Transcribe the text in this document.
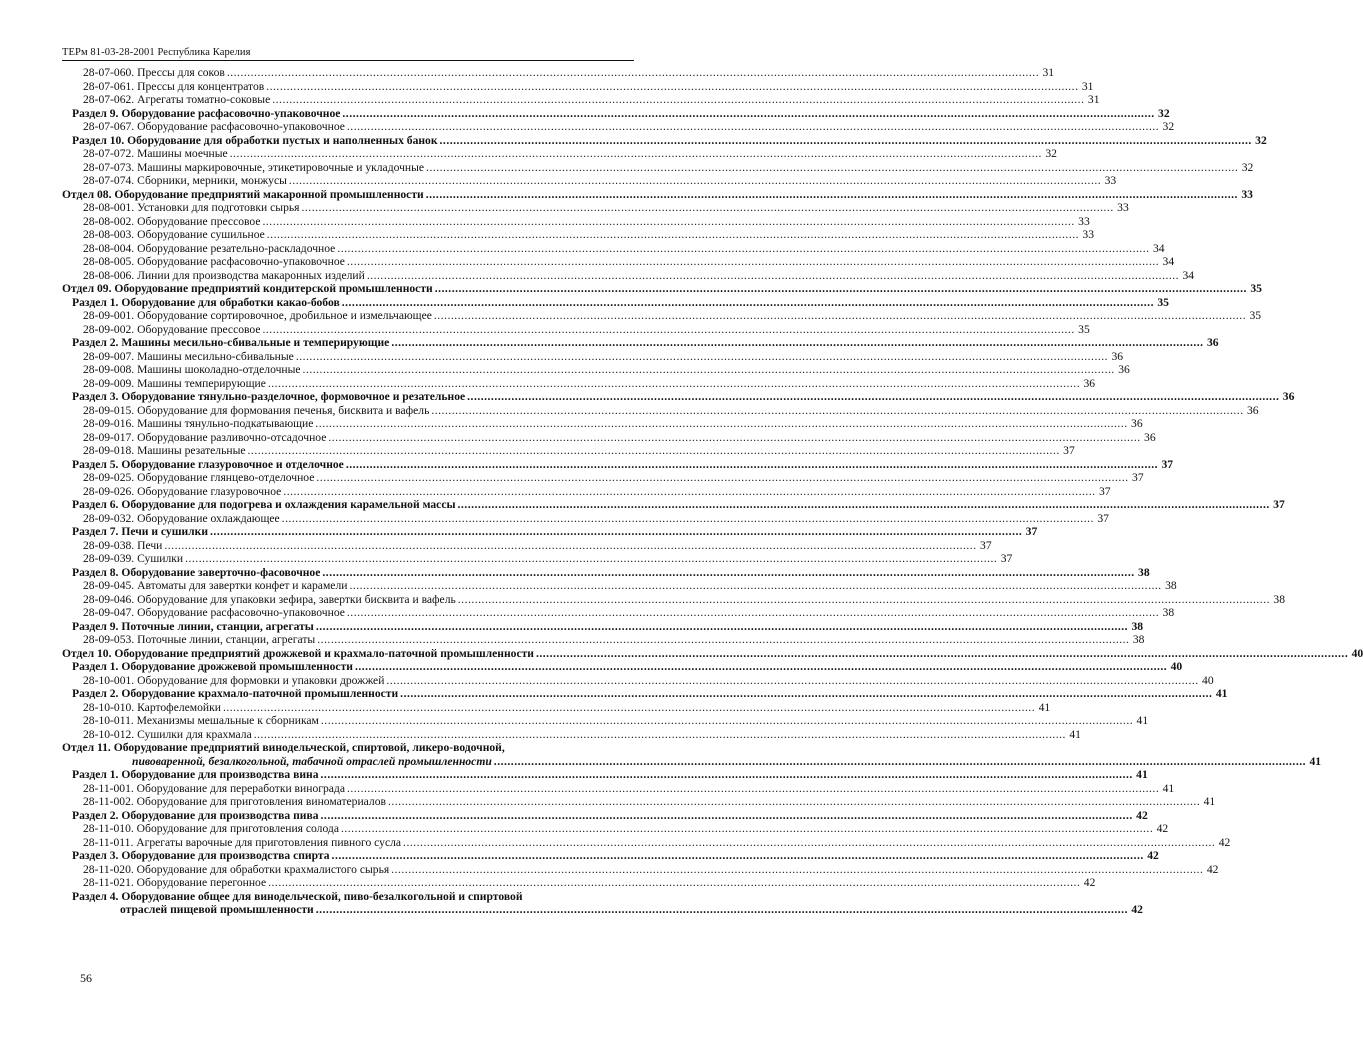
ТЕРм 81-03-28-2001 Республика Карелия
28-07-060. Прессы для соков .....	31
28-07-061. Прессы для концентратов .....	31
28-07-062. Агрегаты томатно-соковые .....	31
Раздел 9. Оборудование расфасовочно-упаковочное .....	32
28-07-067. Оборудование расфасовочно-упаковочное .....	32
Раздел 10. Оборудование для обработки пустых и наполненных банок .....	32
28-07-072. Машины моечные .....	32
28-07-073. Машины маркировочные, этикетировочные и укладочные .....	32
28-07-074. Сборники, мерники, монжусы .....	33
Отдел 08. Оборудование предприятий макаронной промышленности .....	33
28-08-001. Установки для подготовки сырья .....	33
28-08-002. Оборудование прессовое .....	33
28-08-003. Оборудование сушильное .....	33
28-08-004. Оборудование резательно-раскладочное .....	34
28-08-005. Оборудование расфасовочно-упаковочное .....	34
28-08-006. Линии для производства макаронных изделий .....	34
Отдел 09. Оборудование предприятий кондитерской промышленности .....	35
Раздел 1. Оборудование для обработки какао-бобов .....	35
28-09-001. Оборудование сортировочное, дробильное и измельчающее .....	35
28-09-002. Оборудование прессовое .....	35
Раздел 2. Машины месильно-сбивальные и темперирующие .....	36
28-09-007. Машины месильно-сбивальные .....	36
28-09-008. Машины шоколадно-отделочные .....	36
28-09-009. Машины темперирующие .....	36
Раздел 3. Оборудование тянульно-разделочное, формовочное и резательное .....	36
28-09-015. Оборудование для формования печенья, бисквита и вафель .....	36
28-09-016. Машины тянульно-подкатывающие .....	36
28-09-017. Оборудование разливочно-отсадочное .....	36
28-09-018. Машины резательные .....	37
Раздел 5. Оборудование глазуровочное и отделочное .....	37
28-09-025. Оборудование глянцево-отделочное .....	37
28-09-026. Оборудование глазуровочное .....	37
Раздел 6. Оборудование для подогрева и охлаждения карамельной массы .....	37
28-09-032. Оборудование охлаждающее .....	37
Раздел 7. Печи и сушилки .....	37
28-09-038. Печи .....	37
28-09-039. Сушилки .....	37
Раздел 8. Оборудование заверточно-фасовочное .....	38
28-09-045. Автоматы для завертки конфет и карамели .....	38
28-09-046. Оборудование для упаковки зефира, завертки бисквита и вафель .....	38
28-09-047. Оборудование расфасовочно-упаковочное .....	38
Раздел 9. Поточные линии, станции, агрегаты .....	38
28-09-053. Поточные линии, станции, агрегаты .....	38
Отдел 10. Оборудование предприятий дрожжевой и крахмало-паточной промышленности .....	40
Раздел 1. Оборудование дрожжевой промышленности .....	40
28-10-001. Оборудование для формовки и упаковки дрожжей .....	40
Раздел 2. Оборудование крахмало-паточной промышленности .....	41
28-10-010. Картофелемойки .....	41
28-10-011. Механизмы мешальные к сборникам .....	41
28-10-012. Сушилки для крахмала .....	41
Отдел 11. Оборудование предприятий винодельческой, спиртовой, ликеро-водочной,
пивоваренной, безалкогольной, табачной отраслей промышленности .....	41
Раздел 1. Оборудование для производства вина .....	41
28-11-001. Оборудование для переработки винограда .....	41
28-11-002. Оборудование для приготовления виноматериалов .....	41
Раздел 2. Оборудование для производства пива .....	42
28-11-010. Оборудование для приготовления солода .....	42
28-11-011. Агрегаты варочные для приготовления пивного сусла .....	42
Раздел 3. Оборудование для производства спирта .....	42
28-11-020. Оборудование для обработки крахмалистого сырья .....	42
28-11-021. Оборудование перегонное .....	42
Раздел 4. Оборудование общее для винодельческой, пиво-безалкогольной и спиртовой
отраслей пищевой промышленности .....	42
56
